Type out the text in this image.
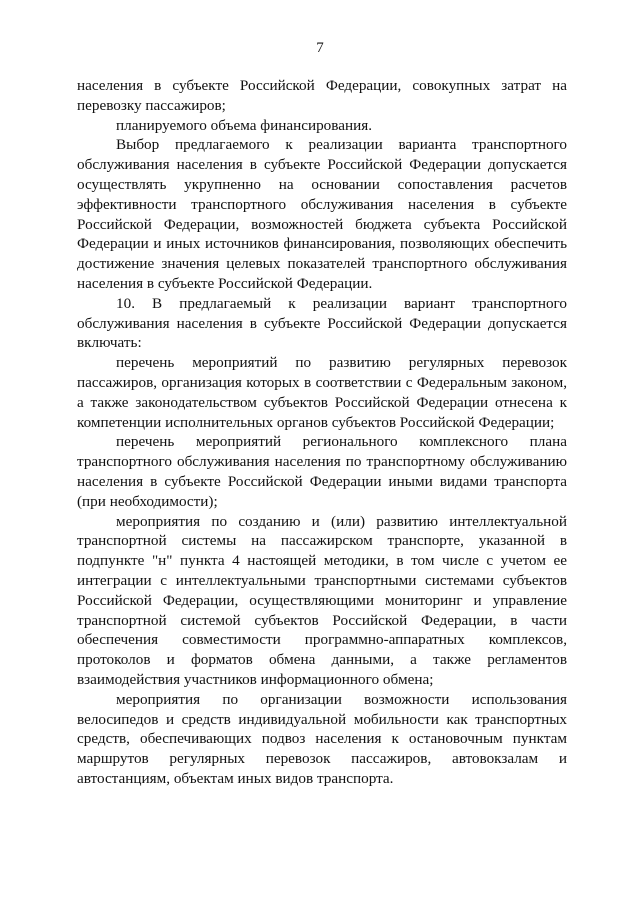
7

населения в субъекте Российской Федерации, совокупных затрат на перевозку пассажиров;

планируемого объема финансирования.

Выбор предлагаемого к реализации варианта транспортного обслуживания населения в субъекте Российской Федерации допускается осуществлять укрупненно на основании сопоставления расчетов эффективности транспортного обслуживания населения в субъекте Российской Федерации, возможностей бюджета субъекта Российской Федерации и иных источников финансирования, позволяющих обеспечить достижение значения целевых показателей транспортного обслуживания населения в субъекте Российской Федерации.

10. В предлагаемый к реализации вариант транспортного обслуживания населения в субъекте Российской Федерации допускается включать:

перечень мероприятий по развитию регулярных перевозок пассажиров, организация которых в соответствии с Федеральным законом, а также законодательством субъектов Российской Федерации отнесена к компетенции исполнительных органов субъектов Российской Федерации;

перечень мероприятий регионального комплексного плана транспортного обслуживания населения по транспортному обслуживанию населения в субъекте Российской Федерации иными видами транспорта (при необходимости);

мероприятия по созданию и (или) развитию интеллектуальной транспортной системы на пассажирском транспорте, указанной в подпункте "н" пункта 4 настоящей методики, в том числе с учетом ее интеграции с интеллектуальными транспортными системами субъектов Российской Федерации, осуществляющими мониторинг и управление транспортной системой субъектов Российской Федерации, в части обеспечения совместимости программно-аппаратных комплексов, протоколов и форматов обмена данными, а также регламентов взаимодействия участников информационного обмена;

мероприятия по организации возможности использования велосипедов и средств индивидуальной мобильности как транспортных средств, обеспечивающих подвоз населения к остановочным пунктам маршрутов регулярных перевозок пассажиров, автовокзалам и автостанциям, объектам иных видов транспорта.
